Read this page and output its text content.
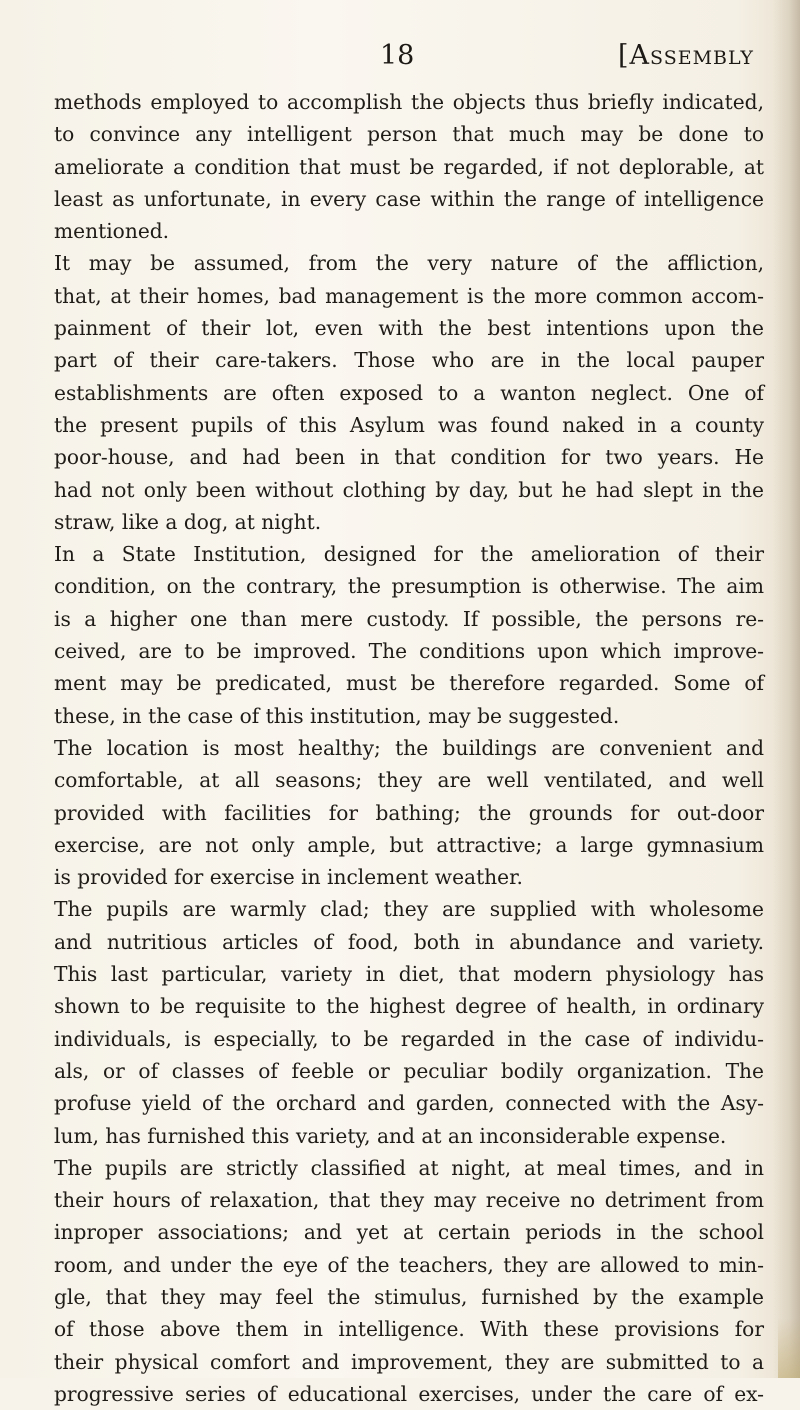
18	[Assembly

methods employed to accomplish the objects thus briefly indicated,

to convince any intelligent person that much may be done to

ameliorate a condition that must be regarded, if not deplorable, at

least as unfortunate, in every case within the range of intelligence

mentioned.

It may be assumed, from the very nature of the affliction,

that, at their homes, bad management is the more common accom-

painment of their lot, even with the best intentions upon the

part of their care-takers. Those who are in the local pauper

establishments are often exposed to a wanton neglect. One of

the present pupils of this Asylum was found naked in a county

poor-house, and had been in that condition for two years. He

had not only been without clothing by day, but he had slept in the

straw, like a dog, at night.

In a State Institution, designed for the amelioration of their

condition, on the contrary, the presumption is otherwise. The aim

is a higher one than mere custody. If possible, the persons re-

ceived, are to be improved. The conditions upon which improve-

ment may be predicated, must be therefore regarded. Some of

these, in the case of this institution, may be suggested.

The location is most healthy; the buildings are convenient and

comfortable, at all seasons; they are well ventilated, and well

provided with facilities for bathing; the grounds for out-door

exercise, are not only ample, but attractive; a large gymnasium

is provided for exercise in inclement weather.

The pupils are warmly clad; they are supplied with wholesome

and nutritious articles of food, both in abundance and variety.

This last particular, variety in diet, that modern physiology has

shown to be requisite to the highest degree of health, in ordinary

individuals, is especially, to be regarded in the case of individu-

als, or of classes of feeble or peculiar bodily organization. The

profuse yield of the orchard and garden, connected with the Asy-

lum, has furnished this variety, and at an inconsiderable expense.

The pupils are strictly classified at night, at meal times, and in

their hours of relaxation, that they may receive no detriment from

inproper associations; and yet at certain periods in the school

room, and under the eye of the teachers, they are allowed to min-

gle, that they may feel the stimulus, furnished by the example

of those above them in intelligence. With these provisions for

their physical comfort and improvement, they are submitted to a

progressive series of educational exercises, under the care of ex-
